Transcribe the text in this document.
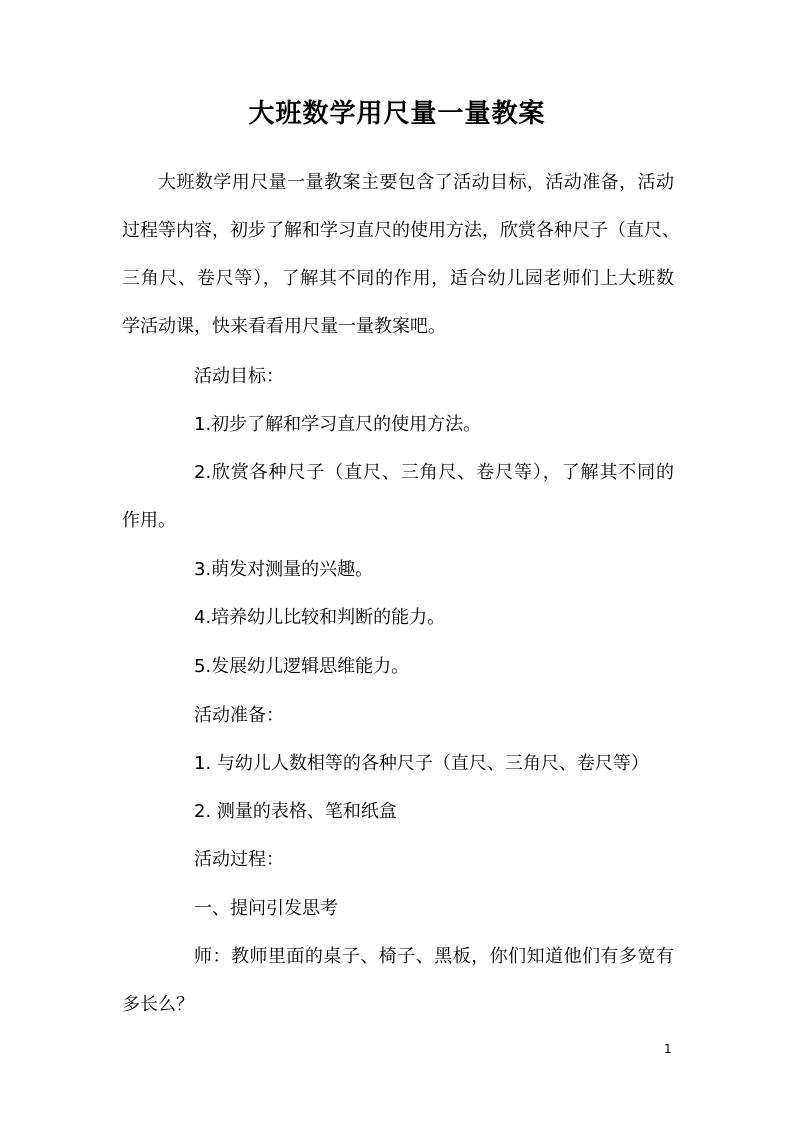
大班数学用尺量一量教案
大班数学用尺量一量教案主要包含了活动目标，活动准备，活动
过程等内容，初步了解和学习直尺的使用方法，欣赏各种尺子（直尺、
三角尺、卷尺等），了解其不同的作用，适合幼儿园老师们上大班数
学活动课，快来看看用尺量一量教案吧。
活动目标：
1.初步了解和学习直尺的使用方法。
2.欣赏各种尺子（直尺、三角尺、卷尺等），了解其不同的
作用。
3.萌发对测量的兴趣。
4.培养幼儿比较和判断的能力。
5.发展幼儿逻辑思维能力。
活动准备：
1. 与幼儿人数相等的各种尺子（直尺、三角尺、卷尺等）
2. 测量的表格、笔和纸盒
活动过程：
一、提问引发思考
师：教师里面的桌子、椅子、黑板，你们知道他们有多宽有
多长么？
1
